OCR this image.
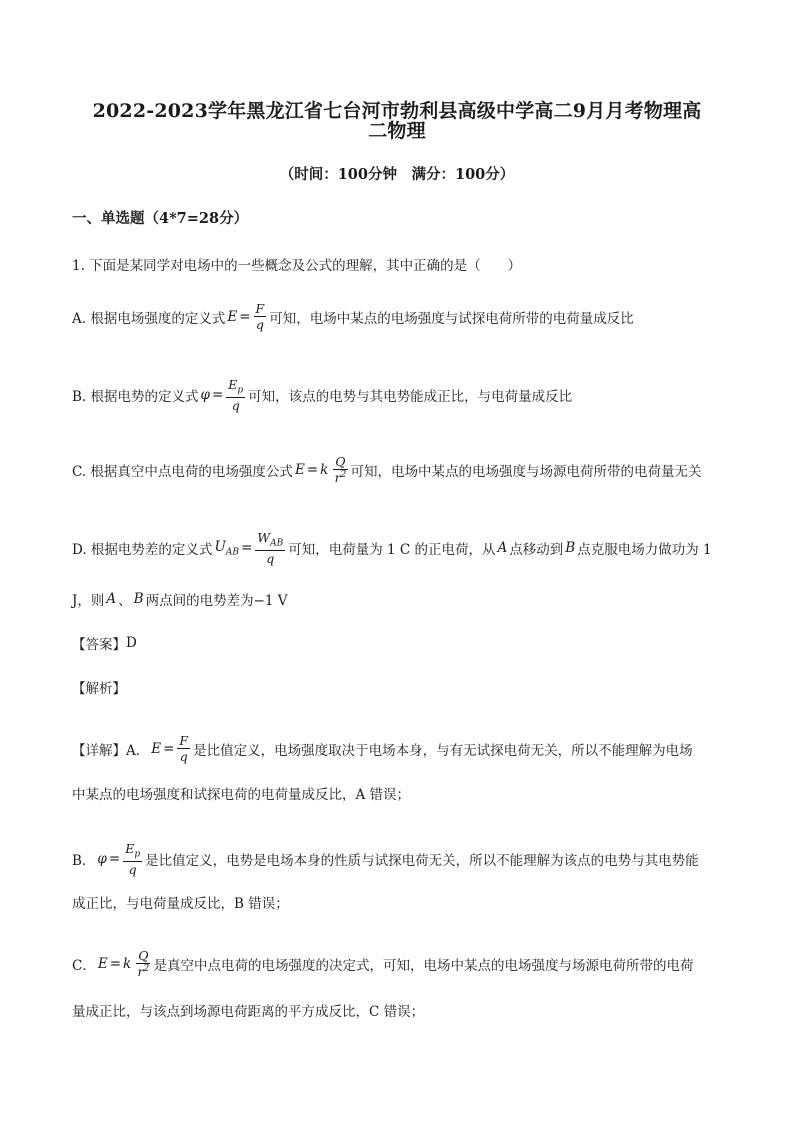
2022-2023学年黑龙江省七台河市勃利县高级中学高二9月月考物理高
二物理
（时间：100分钟　满分：100分）
一、单选题（4*7=28分）
1. 下面是某同学对电场中的一些概念及公式的理解，其中正确的是（　　）
A. 根据电场强度的定义式 $E = \frac{F}{q}$ 可知，电场中某点的电场强度与试探电荷所带的电荷量成反比
B. 根据电势的定义式 $\varphi = \frac{E_p}{q}$ 可知，该点的电势与其电势能成正比，与电荷量成反比
C. 根据真空中点电荷的电场强度公式 E = k $\frac{Q}{r^2}$ 可知，电场中某点的电场强度与场源电荷所带的电荷量无关
D. 根据电势差的定义式 $U_{AB} = \frac{W_{AB}}{q}$ 可知，电荷量为 1 C 的正电荷，从 A 点移动到 B 点克服电场力做功为 1
J，则 A 、 B 两点间的电势差为−1 V
【答案】 D
【解析】
【详解】A． $E = \frac{F}{q}$ 是比值定义，电场强度取决于电场本身，与有无试探电荷无关，所以不能理解为电场
中某点的电场强度和试探电荷的电荷量成反比，A 错误；
B． $\varphi = \frac{E_p}{q}$ 是比值定义，电势是电场本身的性质与试探电荷无关，所以不能理解为该点的电势与其电势能
成正比，与电荷量成反比，B 错误；
C． E = k $\frac{Q}{r^2}$ 是真空中点电荷的电场强度的决定式，可知，电场中某点的电场强度与场源电荷所带的电荷
量成正比，与该点到场源电荷距离的平方成反比，C 错误；
